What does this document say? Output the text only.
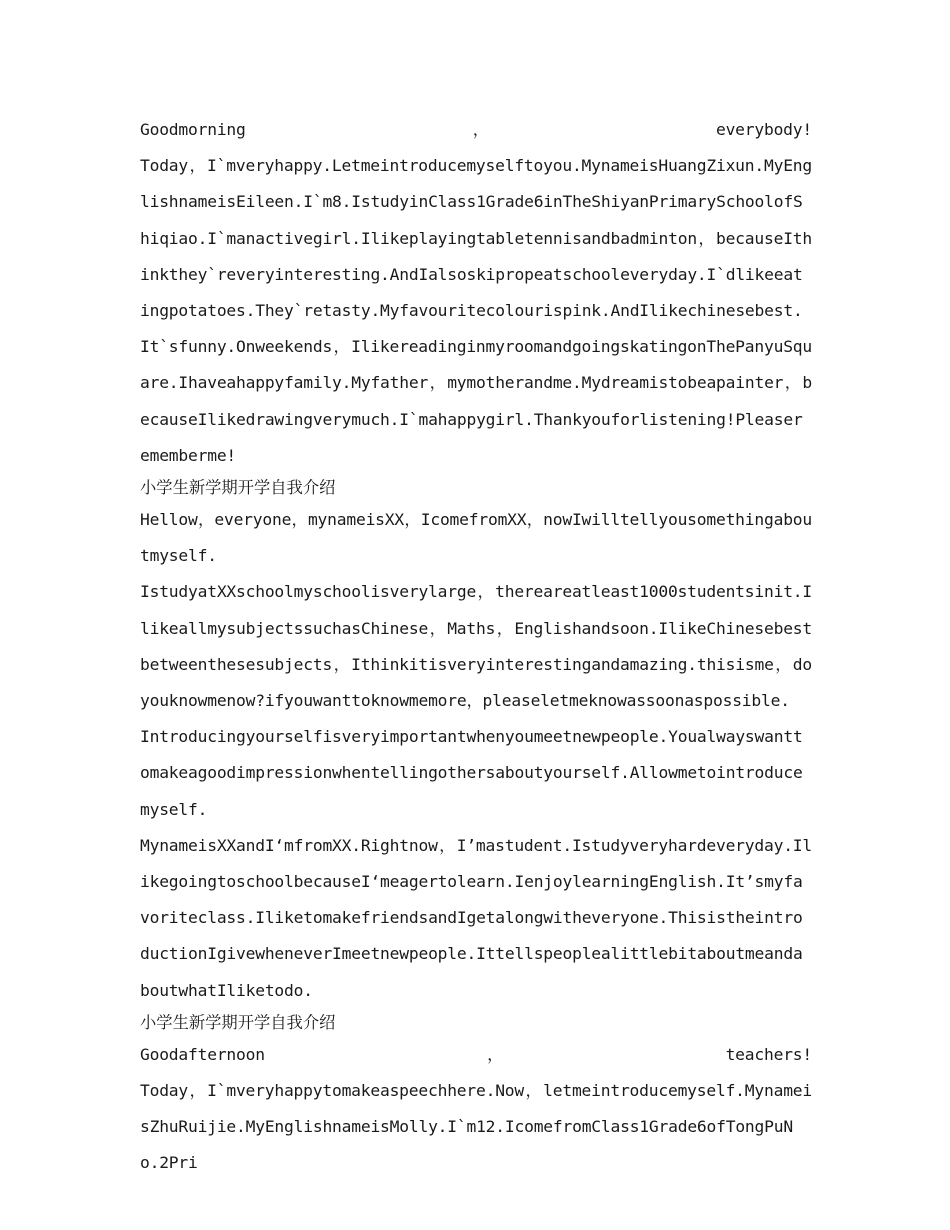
Goodmorning	，	everybody!

Today，I`mveryhappy.Letmeintroducemyselftoyou.MynameisHuangZixun.MyEnglishnameisEileen.I`m8.IstudyinClass1Grade6inTheShiyanPrimarySchoolofShiqiao.I`manactivegirl.Ilikeplayingtabletennisandbadminton，becauseIthinkthey`reveryinteresting.AndIalsoskipropeatschooleveryday.I`dlikeeatingpotatoes.They`retasty.Myfavouritecolourispink.AndIlikechinesebest.It`sfunny.Onweekends，IlikereadinginmyroomandgoingskatingonThePanyuSquare.Ihaveahappyfamily.Myfather，mymotherandme.Mydreamistobeapainter，becauseIlikedrawingverymuch.I`mahappygirl.Thankyouforlistening!Pleaserememberme!

小学生新学期开学自我介绍

Hellow，everyone，mynameisXX，IcomefromXX，nowIwilltellyousomethingaboutmyself.

IstudyatXXschoolmyschoolisverylarge，thereareatleast1000studentsinit.IlikeallmysubjectssuchasChinese，Maths，Englishandsoon.IlikeChinesebestbetweenthesesubjects，Ithinkitisveryinterestingandamazing.thisisme，doyouknowmenow?ifyouwanttoknowmemore，pleaseletmeknowassoonaspossible.

Introducingyourselfisveryimportantwhenyoumeetnewpeople.Youalwayswanttomakeagoodimpressionwhentellingothersaboutyourself.Allowmetointroducemyself.

MynameisXXandI‘mfromXX.Rightnow，I’mastudent.Istudyveryhardeveryday.IlikegoingtoschoolbecauseI‘meagertolearn.IenjoylearningEnglish.It’smyfavoriteclass.IliketomakefriendsandIgetalongwitheveryone.ThisistheintroductionIgivewheneverImeetnewpeople.IttellspeoplealittlebitaboutmeandaboutwhatIliketodo.

小学生新学期开学自我介绍

Goodafternoon	，	teachers!

Today，I`mveryhappytomakeaspeechhere.Now，letmeintroducemyself.MynameisZhuRuijie.MyEnglishnameisMolly.I`m12.IcomefromClass1Grade6ofTongPuNo.2Pri
